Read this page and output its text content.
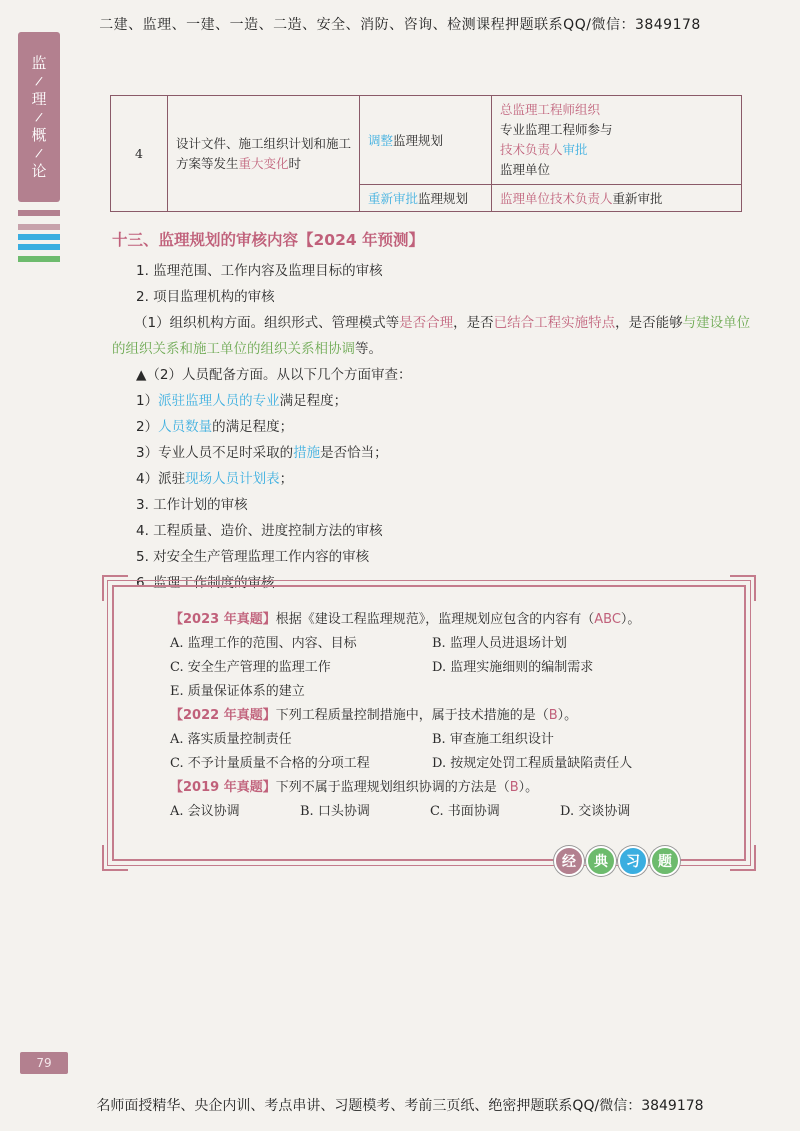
二建、监理、一建、一造、二造、安全、消防、咨询、检测课程押题联系QQ/微信：3849178
监
/
理
/
概
/
论
4	设计文件、施工组织计划和施工方案等发生重大变化时	调整监理规划	总监理工程师组织
专业监理工程师参与
技术负责人审批
监理单位

		重新审批监理规划	监理单位技术负责人重新审批
十三、监理规划的审核内容【2024 年预测】

1. 监理范围、工作内容及监理目标的审核

2. 项目监理机构的审核

（1）组织机构方面。组织形式、管理模式等是否合理，是否已结合工程实施特点，是否能够与建设单位的组织关系和施工单位的组织关系相协调等。

▲（2）人员配备方面。从以下几个方面审查：

1）派驻监理人员的专业满足程度；

2）人员数量的满足程度；

3）专业人员不足时采取的措施是否恰当；

4）派驻现场人员计划表；

3. 工作计划的审核

4. 工程质量、造价、进度控制方法的审核

5. 对安全生产管理监理工作内容的审核

6. 监理工作制度的审核

【2023 年真题】根据《建设工程监理规范》，监理规划应包含的内容有（ABC）。

A. 监理工作的范围、内容、目标	B. 监理人员进退场计划
C. 安全生产管理的监理工作	D. 监理实施细则的编制需求
E. 质量保证体系的建立

【2022 年真题】下列工程质量控制措施中，属于技术措施的是（B）。

A. 落实质量控制责任	B. 审查施工组织设计
C. 不予计量质量不合格的分项工程	D. 按规定处罚工程质量缺陷责任人

【2019 年真题】下列不属于监理规划组织协调的方法是（B）。

A. 会议协调	B. 口头协调	C. 书面协调	D. 交谈协调
经	典	习	题
79
名师面授精华、央企内训、考点串讲、习题模考、考前三页纸、绝密押题联系QQ/微信：3849178
